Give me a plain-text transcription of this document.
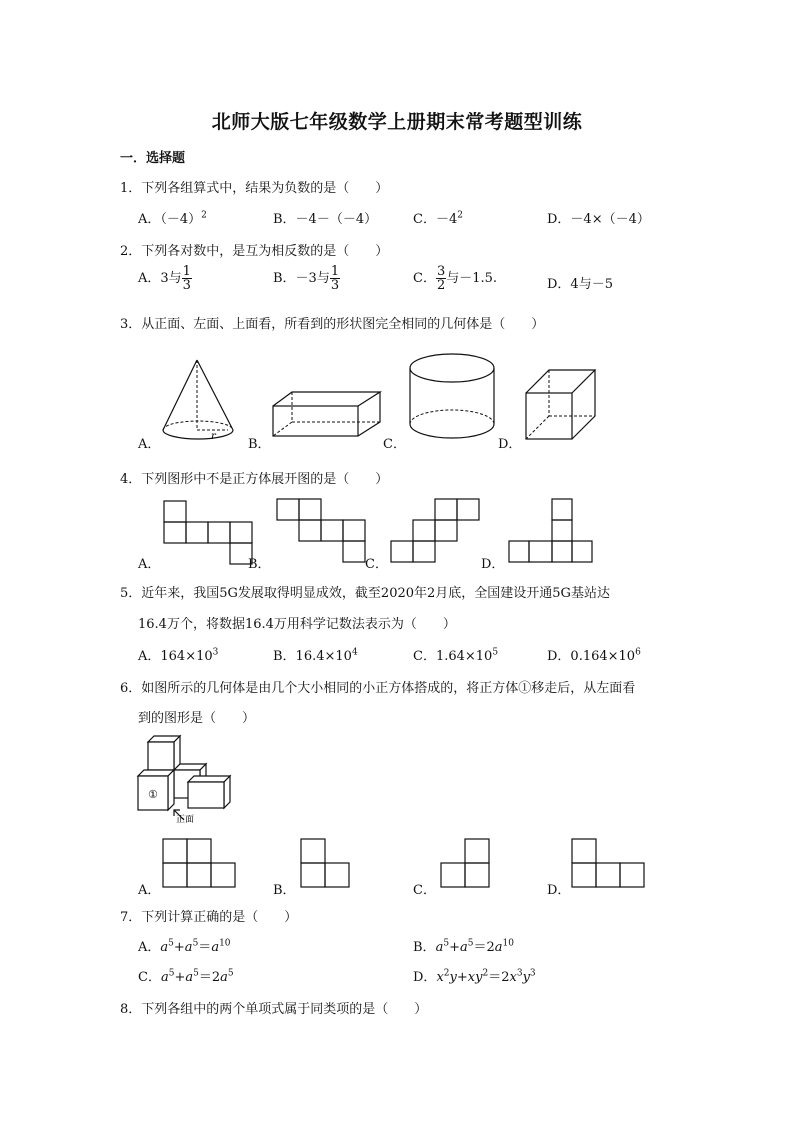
北师大版七年级数学上册期末常考题型训练
一．选择题
1．下列各组算式中，结果为负数的是（　　）
A．$(-4)^2$	B．－4－（－4）	C．$-4^2$	D．－4×（－4）
2．下列各对数中，是互为相反数的是（　　）
A．3与 $\frac{1}{3}$	B．－3与 $\frac{1}{3}$	C． $\frac{3}{2}$ 与－1.5.	D．4与－5
3．从正面、左面、上面看，所看到的形状图完全相同的几何体是（　　）
r
A．	B．	C．	D．
4．下列图形中不是正方体展开图的是（　　）
A．	B．	C．	D．
5．近年来，我国5G发展取得明显成效，截至2020年2月底，全国建设开通5G基站达
16.4万个，将数据16.4万用科学记数法表示为（　　）
A．$164\times 10^3$	B．$16.4\times 10^4$	C．$1.64\times 10^5$	D．$0.164\times 10^6$
6．如图所示的几何体是由几个大小相同的小正方体搭成的，将正方体①移走后，从左面看
到的图形是（　　）
①
正面
A．	B．	C．	D．
7．下列计算正确的是（　　）
A．$a^5+a^5=a^{10}$	B．$a^5+a^5=2a^{10}$
C．$a^5+a^5=2a^5$	D．$x^2y+xy^2=2x^3y^3$
8．下列各组中的两个单项式属于同类项的是（　　）
